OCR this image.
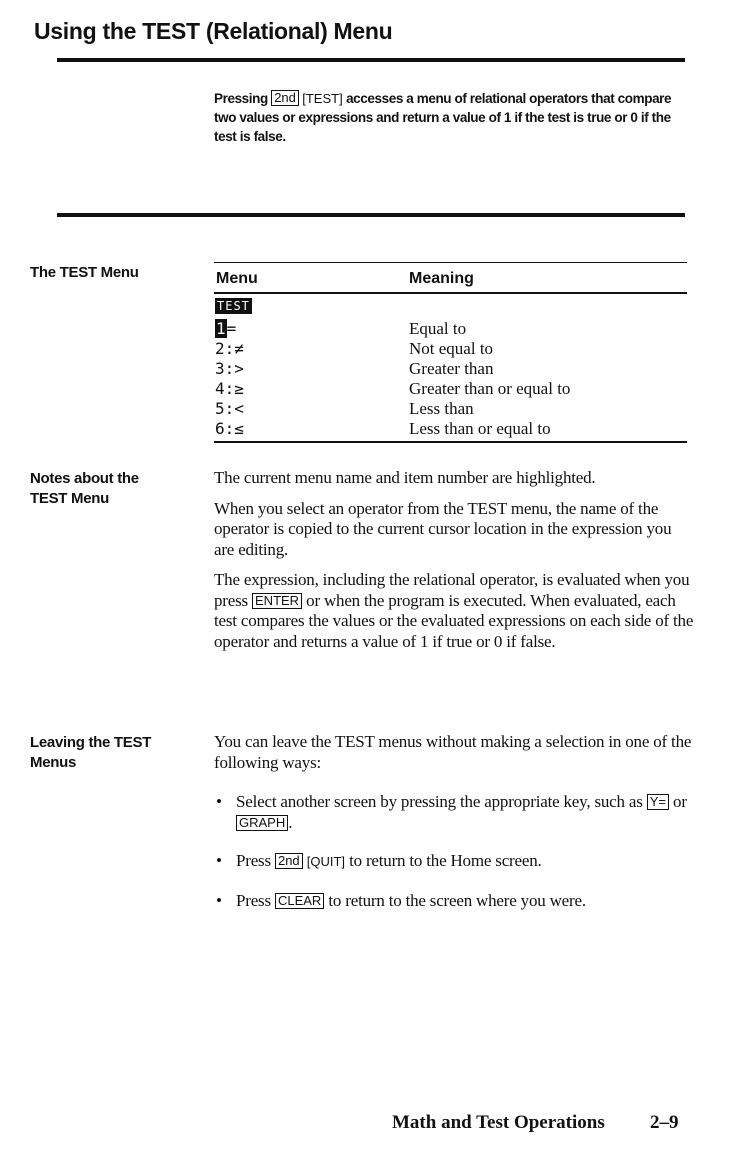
Using the TEST (Relational) Menu
Pressing 2nd [TEST] accesses a menu of relational operators that compare two values or expressions and return a value of 1 if the test is true or 0 if the test is false.
The TEST Menu	Menu	Meaning
TEST
1=	Equal to
2:≠	Not equal to
3:>	Greater than
4:≥	Greater than or equal to
5:<	Less than
6:≤	Less than or equal to
Notes about the
TEST Menu

The current menu name and item number are highlighted.

When you select an operator from the TEST menu, the name of the operator is copied to the current cursor location in the expression you are editing.

The expression, including the relational operator, is evaluated when you press ENTER or when the program is executed. When evaluated, each test compares the values or the evaluated expressions on each side of the operator and returns a value of 1 if true or 0 if false.

Leaving the TEST
Menus
You can leave the TEST menus without making a selection in one of the following ways:
• Select another screen by pressing the appropriate key, such as Y= or GRAPH .
• Press 2nd [QUIT] to return to the Home screen.
• Press CLEAR to return to the screen where you were.
Math and Test Operations 2–9
